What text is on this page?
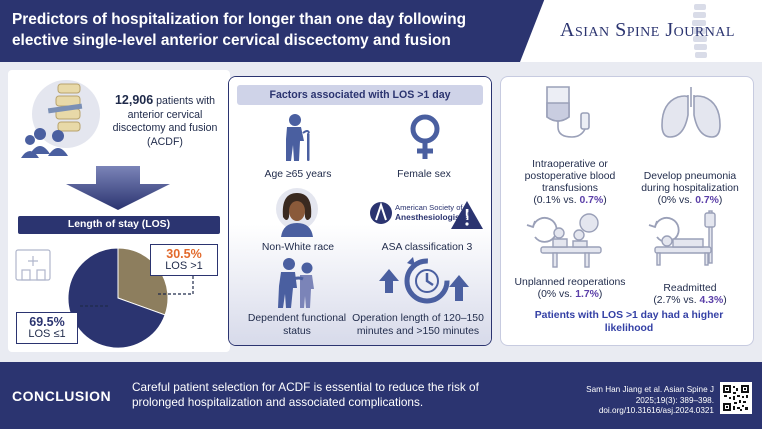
Predictors of hospitalization for longer than one day following elective single-level anterior cervical discectomy and fusion	Asian Spine Journal
12,906 patients with anterior cervical discectomy and fusion (ACDF)
Length of stay (LOS)
30.5%
LOS >1
69.5%
LOS ≤1
Factors associated with LOS >1 day
Age ≥65 years	Female sex
Non-White race
American Society of
Anesthesiologists®
ASA classification 3
Dependent functional status
Operation length of 120–150 minutes and >150 minutes
Intraoperative or postoperative blood transfusions
(0.1% vs. 0.7%)
Develop pneumonia during hospitalization
(0% vs. 0.7%)
Unplanned reoperations
(0% vs. 1.7%)
Readmitted
(2.7% vs. 4.3%)
Patients with LOS >1 day had a higher likelihood
CONCLUSION
Careful patient selection for ACDF is essential to reduce the risk of prolonged hospitalization and associated complications.
Sam Han Jiang et al. Asian Spine J
2025;19(3): 389–398.
doi.org/10.31616/asj.2024.0321
